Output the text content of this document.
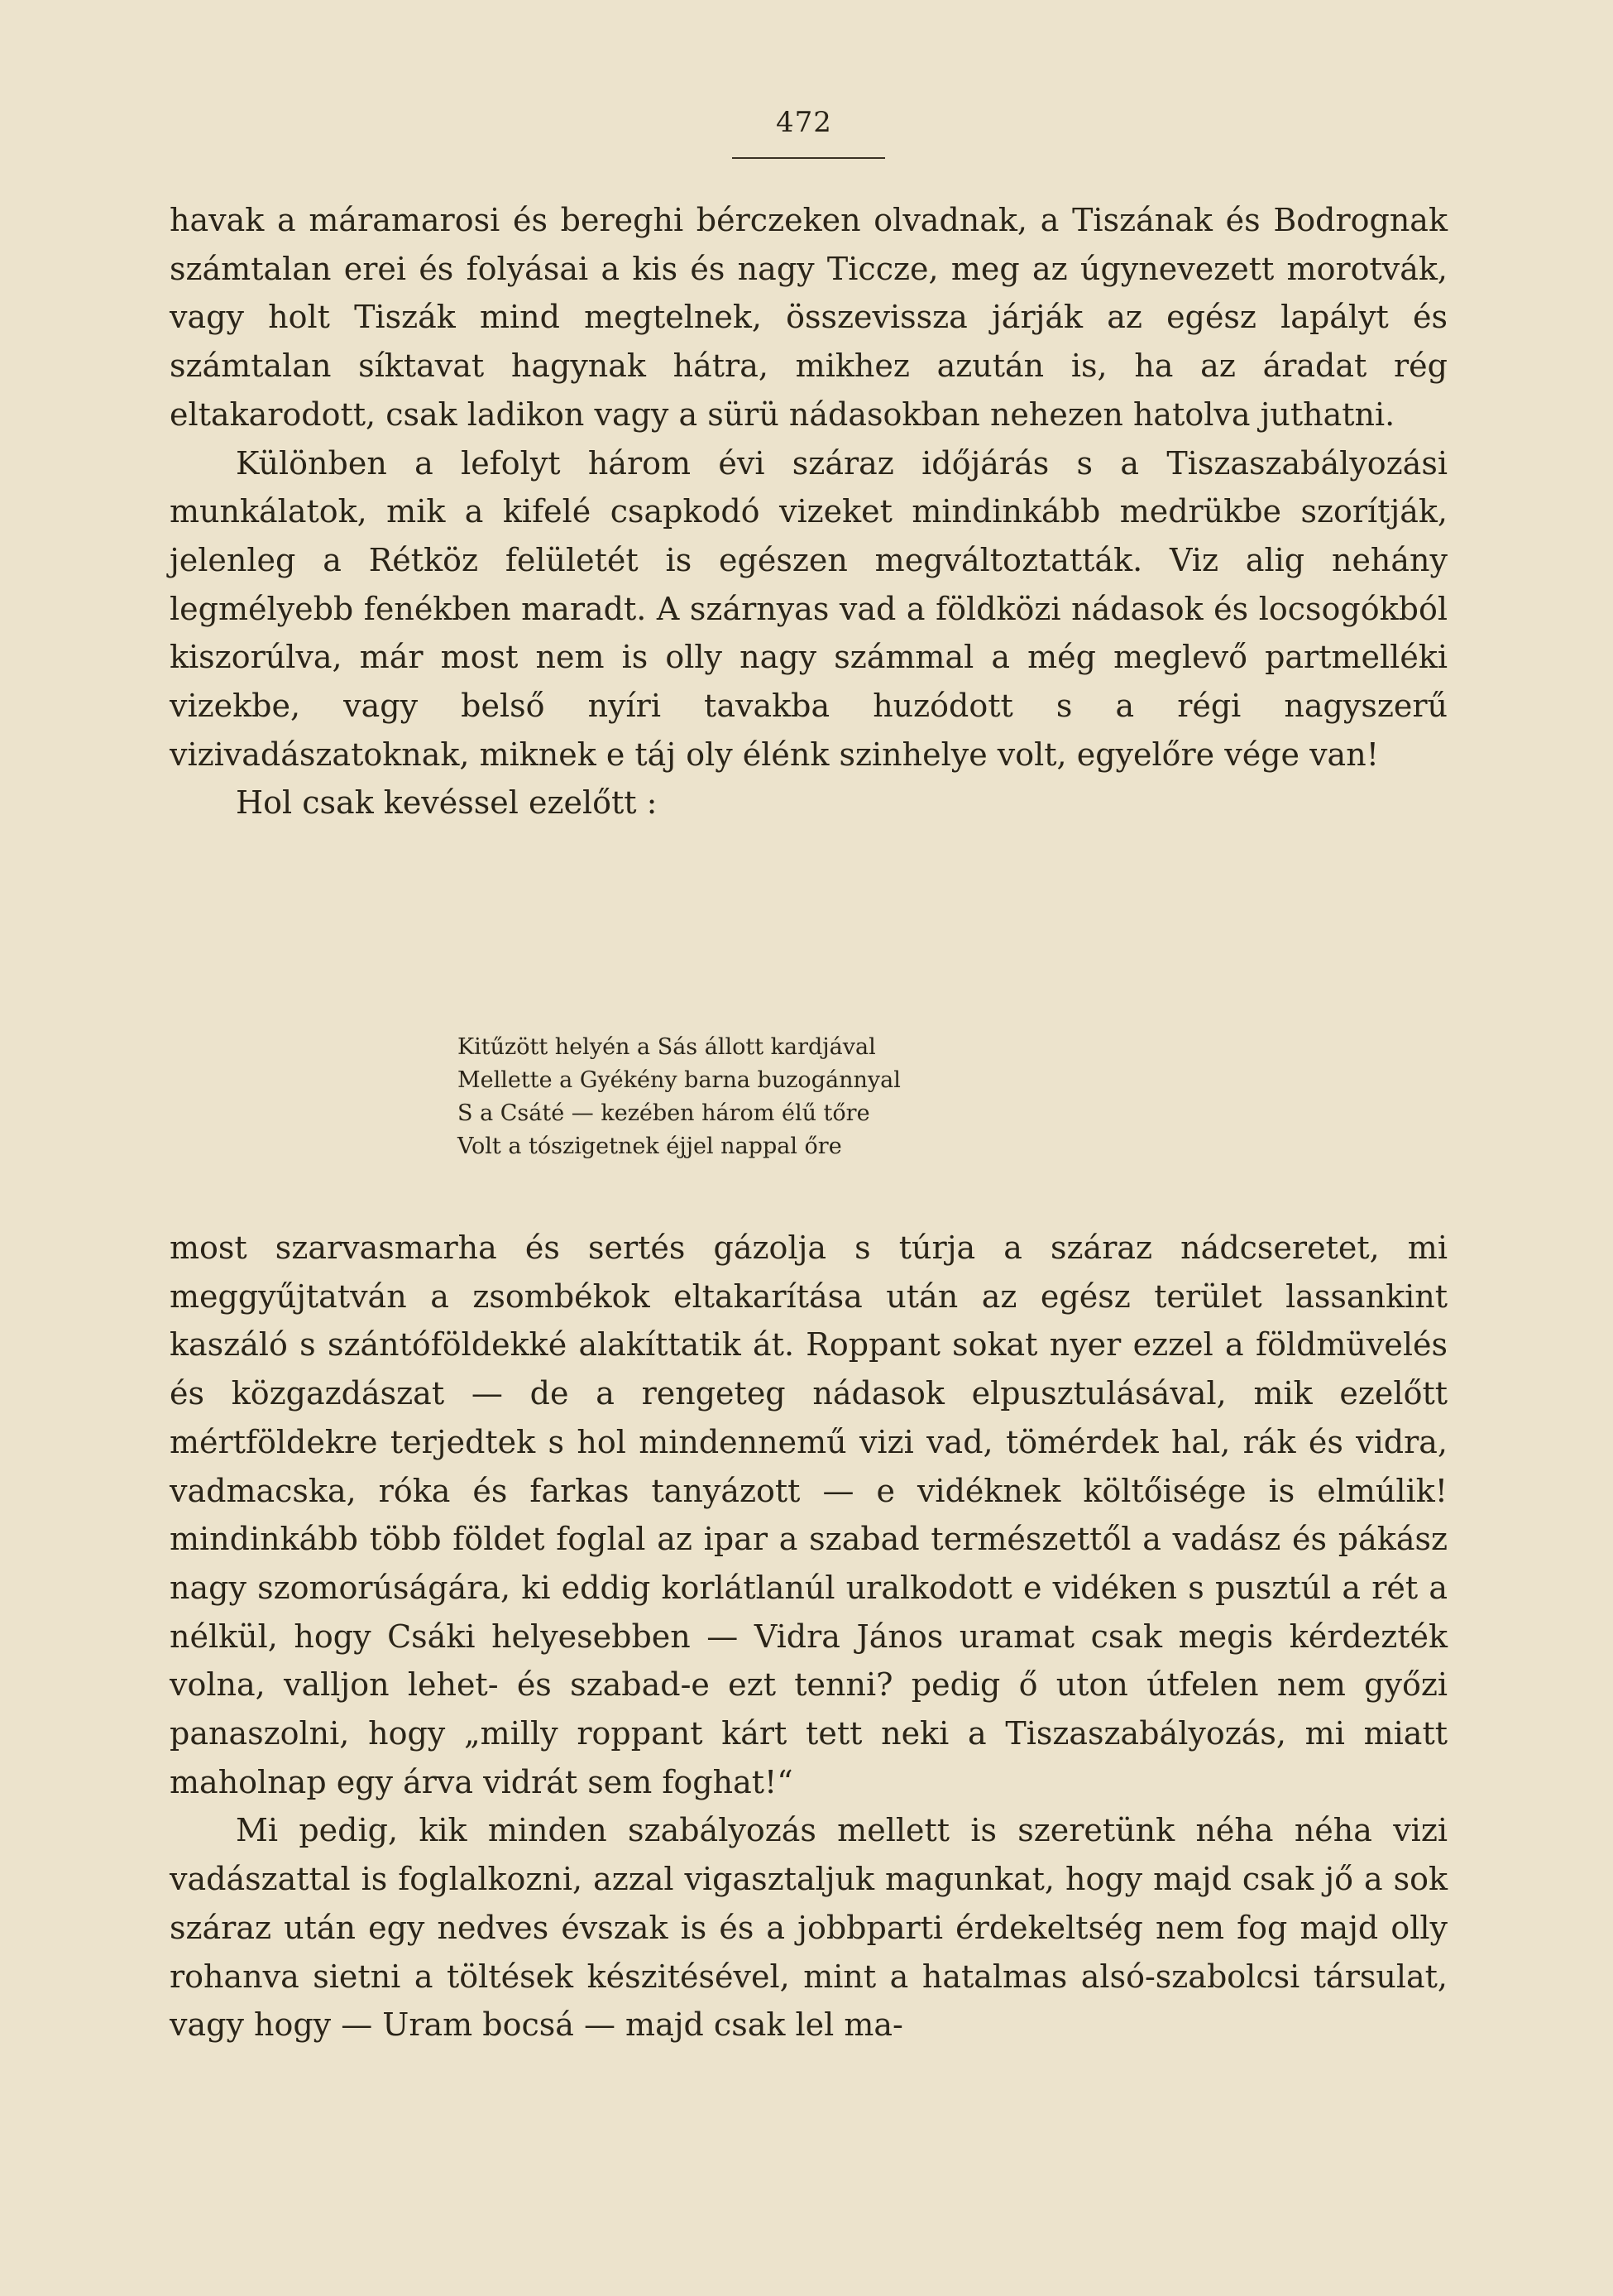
472

havak a máramarosi és bereghi bérczeken olvadnak, a Tiszának és Bodrognak számtalan erei és folyásai a kis és nagy Ticcze, meg az úgynevezett morotvák, vagy holt Tiszák mind megtelnek, összevissza járják az egész lapályt és számtalan síktavat hagynak hátra, mikhez azután is, ha az áradat rég eltakarodott, csak ladikon vagy a sürü nádasokban nehezen hatolva juthatni.

Különben a lefolyt három évi száraz időjárás s a Tiszaszabályozási munkálatok, mik a kifelé csapkodó vizeket mindinkább medrükbe szorítják, jelenleg a Rétköz felületét is egészen megváltoztatták. Viz alig nehány legmélyebb fenékben maradt. A szárnyas vad a földközi nádasok és locsogókból kiszorúlva, már most nem is olly nagy számmal a még meglevő partmelléki vizekbe, vagy belső nyíri tavakba huzódott s a régi nagyszerű vizivadászatoknak, miknek e táj oly élénk szinhelye volt, egyelőre vége van!

Hol csak kevéssel ezelőtt :

Kitűzött helyén a Sás állott kardjával
Mellette a Gyékény barna buzogánnyal
S a Csáté — kezében három élű tőre
Volt a tószigetnek éjjel nappal őre

most szarvasmarha és sertés gázolja s túrja a száraz nádcseretet, mi meggyűjtatván a zsombékok eltakarítása után az egész terület lassankint kaszáló s szántóföldekké alakíttatik át. Roppant sokat nyer ezzel a földmüvelés és közgazdászat — de a rengeteg nádasok elpusztulásával, mik ezelőtt mértföldekre terjedtek s hol mindennemű vizi vad, tömérdek hal, rák és vidra, vadmacska, róka és farkas tanyázott — e vidéknek költőisége is elmúlik! mindinkább több földet foglal az ipar a szabad természettől a vadász és pákász nagy szomorúságára, ki eddig korlátlanúl uralkodott e vidéken s pusztúl a rét a nélkül, hogy Csáki helyesebben — Vidra János uramat csak megis kérdezték volna, valljon lehet- és szabad-e ezt tenni? pedig ő uton útfelen nem győzi panaszolni, hogy „milly roppant kárt tett neki a Tiszaszabályozás, mi miatt maholnap egy árva vidrát sem foghat!“

Mi pedig, kik minden szabályozás mellett is szeretünk néha néha vizi vadászattal is foglalkozni, azzal vigasztaljuk magunkat, hogy majd csak jő a sok száraz után egy nedves évszak is és a jobbparti érdekeltség nem fog majd olly rohanva sietni a töltések készitésével, mint a hatalmas alsó-szabolcsi társulat, vagy hogy — Uram bocsá — majd csak lel ma-
